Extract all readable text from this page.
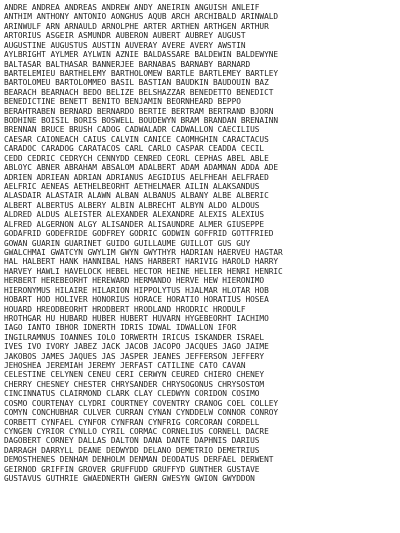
ANDRE ANDREA ANDREAS ANDREW ANDY ANEIRIN ANGUISH ANLEIF
ANTHIM ANTHONY ANTONIO AONGHUS AQUB ARCH ARCHIBALD ARINWALD
ARINWULF ARN ARNAULD ARNOLPHE ARTER ARTHEN ARTHGEN ARTHUR
ARTORIUS ASGEIR ASMUNDR AUBERON AUBERT AUBREY AUGUST
AUGUSTINE AUGUSTUS AUSTIN AUVERAY AVERE AVERY AWSTIN
AYLBRIGHT AYLMER AYLWIN AZNIE BALDASSARE BALDEWIN BALDEWYNE
BALTASAR BALTHASAR BANNERJEE BARNABAS BARNABY BARNARD
BARTELEMIEU BARTHELEMY BARTHOLOMEW BARTLE BARTLEMEY BARTLEY
BARTOLOMEU BARTOLOMMEO BASIL BASTIAN BAUDKIN BAUDOUIN BAZ
BEARACH BEARNACH BEDO BELIZE BELSHAZZAR BENEDETTO BENEDICT
BENEDICTINE BENETT BENITO BENJAMIN BEORNHEARD BEPPO
BERAHTRABEN BERNARD BERNARDO BERTIE BERTRAM BERTRAND BJORN
BODHINE BOISIL BORIS BOSWELL BOUDEWYN BRAM BRANDAN BRENAINN
BRENNAN BRUCE BRUSH CADOG CADWALADR CADWALLON CAECILIUS
CAESAR CAIONEACH CAIUS CALVIN CANICE CAOMHGHIN CARACTACUS
CARADOC CARADOG CARATACOS CARL CARLO CASPAR CEADDA CECIL
CEDD CEDRIC CEDRYCH CENNYDD CENRED CEORL CEPHAS ABEL ABLE
ABLOYC ABNER ABRAHAM ABSALOM ADALBERT ADAM ADAMNAN ADDA ADE
ADRIEN ADRIEAN ADRIAN ADRIANUS AEGIDIUS AELFHEAH AELFRAED
AELFRIC AENEAS AETHELBEORHT AETHELMAER AILIN ALAKSANDUS
ALASDAIR ALASTAIR ALAWN ALBAN ALBANUS ALBANY ALBE ALBERIC
ALBERT ALBERTUS ALBERY ALBIN ALBRECHT ALBYN ALDO ALDOUS
ALDRED ALDUS ALEISTER ALEXANDER ALEXANDRE ALEXIS ALEXIUS
ALFRED ALGERNON ALGY ALISANDER ALISAUNDRE ALMER GIUSEPPE
GODAFRID GODEFRIDE GODFREY GODRIC GODWIN GOFFRID GOTTFRIED
GOWAN GUARIN GUARINET GUIDO GUILLAUME GUILLOT GUS GUY
GWALCHMAI GWATCYN GWYLIM GWYN GWYTHYR HADRIAN HAERVEU HAGTAR
HAL HALBERT HANK HANNIBAL HANS HARBERT HARIVIG HAROLD HARRY
HARVEY HAWLI HAVELOCK HEBEL HECTOR HEINE HELIER HENRI HENRIC
HERBERT HEREBEORHT HEREWARD HERMANDO HERVE HEW HIERONIMO
HIERONYMUS HILAIRE HILARION HIPPOLYTUS HJALMAR HLOTAR HOB
HOBART HOD HOLIVER HONORIUS HORACE HORATIO HORATIUS HOSEA
HOUARD HREODBEORHT HRODBERT HRODLAND HRODRIC HRODULF
HROTHGAR HU HUBARD HUBER HUBERT HUVARN HYGEBEORHT IACHIMO
IAGO IANTO IBHOR IDNERTH IDRIS IDWAL IDWALLON IFOR
INGILRAMNUS IOANNES IOLO IORWERTH IRICUS ISKANDER ISRAEL
IVES IVO IVORY JABEZ JACK JACOB JACOPO JACQUES JAGO JAIME
JAKOBOS JAMES JAQUES JAS JASPER JEANES JEFFERSON JEFFERY
JEHOSHEA JEREMIAH JEREMY JERFAST CATILINE CATO CAVAN
CELESTINE CELYNEN CENEU CERI CERWYN CEURED CHIERO CHENEY
CHERRY CHESNEY CHESTER CHRYSANDER CHRYSOGONUS CHRYSOSTOM
CINCINNATUS CLAIRMOND CLARK CLAY CLEDWYN CORIDON COSIMO
COSMO COURTENAY CLYDRI COURTNEY COVENTRY CRANOG COEL COLLEY
COMYN CONCHUBHAR CULVER CURRAN CYNAN CYNDDELW CONNOR CONROY
CORBETT CYNFAEL CYNFOR CYNFRAN CYNFRIG CORCORAN CORDELL
CYNGEN CYRIOR CYNLLO CYRIL CORMAC CORNELIUS CORNELL DACRE
DAGOBERT CORNEY DALLAS DALTON DANA DANTE DAPHNIS DARIUS
DARRAGH DARRYLL DEANE DEDWYDD DELANO DEMETRIO DEMETRIUS
DEMOSTHENES DENHAM DENHOLM DENMAN DEODATUS DERFAEL DERWENT
GEIRNOD GRIFFIN GROVER GRUFFUDD GRUFFYD GUNTHER GUSTAVE
GUSTAVUS GUTHRIE GWAEDNERTH GWERN GWESYN GWION GWYDDON
